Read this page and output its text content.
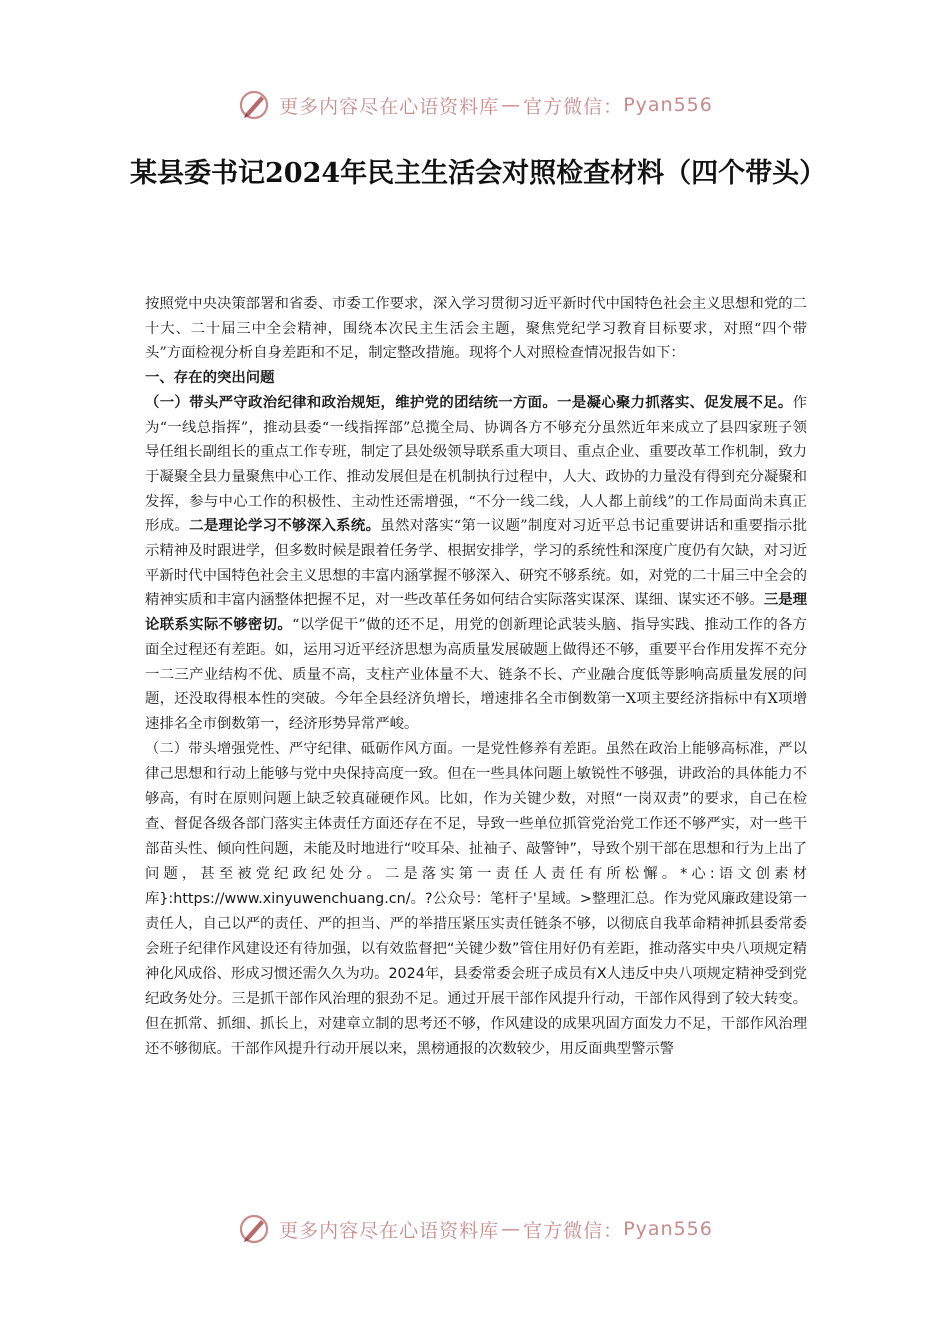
更多内容尽在心语资料库 — 官方微信： Pyan556
某县委书记2024年民主生活会对照检查材料（四个带头）

按照党中央决策部署和省委、市委工作要求，深入学习贯彻习近平新时代中国特色社会主义思想和党的二十大、二十届三中全会精神，围绕本次民主生活会主题，聚焦党纪学习教育目标要求，对照“四个带头”方面检视分析自身差距和不足，制定整改措施。现将个人对照检查情况报告如下：

一、存在的突出问题

（一）带头严守政治纪律和政治规矩，维护党的团结统一方面。一是凝心聚力抓落实、促发展不足。作为“一线总指挥”，推动县委“一线指挥部”总揽全局、协调各方不够充分虽然近年来成立了县四家班子领导任组长副组长的重点工作专班，制定了县处级领导联系重大项目、重点企业、重要改革工作机制，致力于凝聚全县力量聚焦中心工作、推动发展但是在机制执行过程中，人大、政协的力量没有得到充分凝聚和发挥，参与中心工作的积极性、主动性还需增强，“不分一线二线，人人都上前线”的工作局面尚未真正形成。二是理论学习不够深入系统。虽然对落实“第一议题”制度对习近平总书记重要讲话和重要指示批示精神及时跟进学，但多数时候是跟着任务学、根据安排学，学习的系统性和深度广度仍有欠缺，对习近平新时代中国特色社会主义思想的丰富内涵掌握不够深入、研究不够系统。如，对党的二十届三中全会的精神实质和丰富内涵整体把握不足，对一些改革任务如何结合实际落实谋深、谋细、谋实还不够。三是理论联系实际不够密切。“以学促干”做的还不足，用党的创新理论武装头脑、指导实践、推动工作的各方面全过程还有差距。如，运用习近平经济思想为高质量发展破题上做得还不够，重要平台作用发挥不充分一二三产业结构不优、质量不高，支柱产业体量不大、链条不长、产业融合度低等影响高质量发展的问题，还没取得根本性的突破。今年全县经济负增长，增速排名全市倒数第一X项主要经济指标中有X项增速排名全市倒数第一，经济形势异常严峻。

（二）带头增强党性、严守纪律、砥砺作风方面。一是党性修养有差距。虽然在政治上能够高标准，严以律己思想和行动上能够与党中央保持高度一致。但在一些具体问题上敏锐性不够强，讲政治的具体能力不够高，有时在原则问题上缺乏较真碰硬作风。比如，作为关键少数，对照“一岗双责”的要求，自己在检查、督促各级各部门落实主体责任方面还存在不足，导致一些单位抓管党治党工作还不够严实，对一些干部苗头性、倾向性问题，未能及时地进行“咬耳朵、扯袖子、敲警钟”，导致个别干部在思想和行为上出了问题，甚至被党纪政纪处分。二是落实第一责任人责任有所松懈。*心:语文创素材库}:https://www.xinyuwenchuang.cn/。?公众号：笔杆子'星域。>整理汇总。作为党风廉政建设第一责任人，自己以严的责任、严的担当、严的举措压紧压实责任链条不够，以彻底自我革命精神抓县委常委会班子纪律作风建设还有待加强，以有效监督把“关键少数”管住用好仍有差距，推动落实中央八项规定精神化风成俗、形成习惯还需久久为功。2024年，县委常委会班子成员有X人违反中央八项规定精神受到党纪政务处分。三是抓干部作风治理的狠劲不足。通过开展干部作风提升行动，干部作风得到了较大转变。但在抓常、抓细、抓长上，对建章立制的思考还不够，作风建设的成果巩固方面发力不足，干部作风治理还不够彻底。干部作风提升行动开展以来，黑榜通报的次数较少，用反面典型警示警

更多内容尽在心语资料库 — 官方微信： Pyan556
